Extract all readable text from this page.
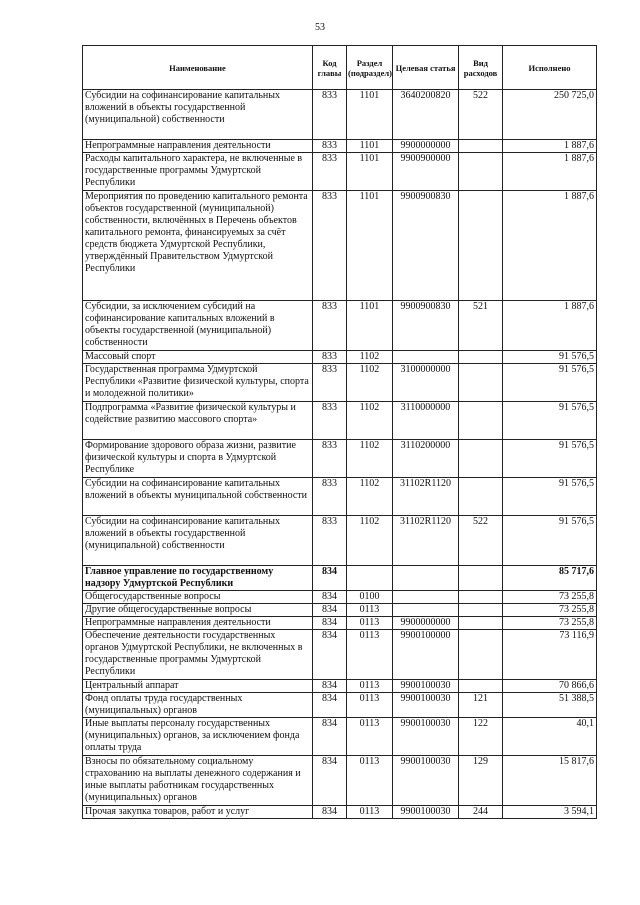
53
Наименование	Код главы	Раздел (подраздел)	Целевая статья	Вид расходов	Исполнено
Субсидии на софинансирование капитальных вложений в объекты государственной (муниципальной) собственности	833	1101	3640200820	522	250 725,0
Непрограммные направления деятельности	833	1101	9900000000		1 887,6
Расходы капитального характера, не включенные в государственные программы Удмуртской Республики	833	1101	9900900000		1 887,6
Мероприятия по проведению капитального ремонта объектов государственной (муниципальной) собственности, включённых в Перечень объектов капитального ремонта, финансируемых за счёт средств бюджета Удмуртской Республики, утверждённый Правительством Удмуртской Республики	833	1101	9900900830		1 887,6
Субсидии, за исключением субсидий на софинансирование капитальных вложений в объекты государственной (муниципальной) собственности	833	1101	9900900830	521	1 887,6
Массовый спорт	833	1102			91 576,5
Государственная программа Удмуртской Республики «Развитие физической культуры, спорта и молодежной политики»	833	1102	3100000000		91 576,5
Подпрограмма «Развитие физической культуры и содействие развитию массового спорта»	833	1102	3110000000		91 576,5
Формирование здорового образа жизни, развитие физической культуры и спорта в Удмуртской Республике	833	1102	3110200000		91 576,5
Субсидии на софинансирование капитальных вложений в объекты муниципальной собственности	833	1102	31102R1120		91 576,5
Субсидии на софинансирование капитальных вложений в объекты государственной (муниципальной) собственности	833	1102	31102R1120	522	91 576,5
Главное управление по государственному надзору Удмуртской Республики	834				85 717,6
Общегосударственные вопросы	834	0100			73 255,8
Другие общегосударственные вопросы	834	0113			73 255,8
Непрограммные направления деятельности	834	0113	9900000000		73 255,8
Обеспечение деятельности государственных органов Удмуртской Республики, не включенных в государственные программы Удмуртской Республики	834	0113	9900100000		73 116,9
Центральный аппарат	834	0113	9900100030		70 866,6
Фонд оплаты труда государственных (муниципальных) органов	834	0113	9900100030	121	51 388,5
Иные выплаты персоналу государственных (муниципальных) органов, за исключением фонда оплаты труда	834	0113	9900100030	122	40,1
Взносы по обязательному социальному страхованию на выплаты денежного содержания и иные выплаты работникам государственных (муниципальных) органов	834	0113	9900100030	129	15 817,6
Прочая закупка товаров, работ и услуг	834	0113	9900100030	244	3 594,1
